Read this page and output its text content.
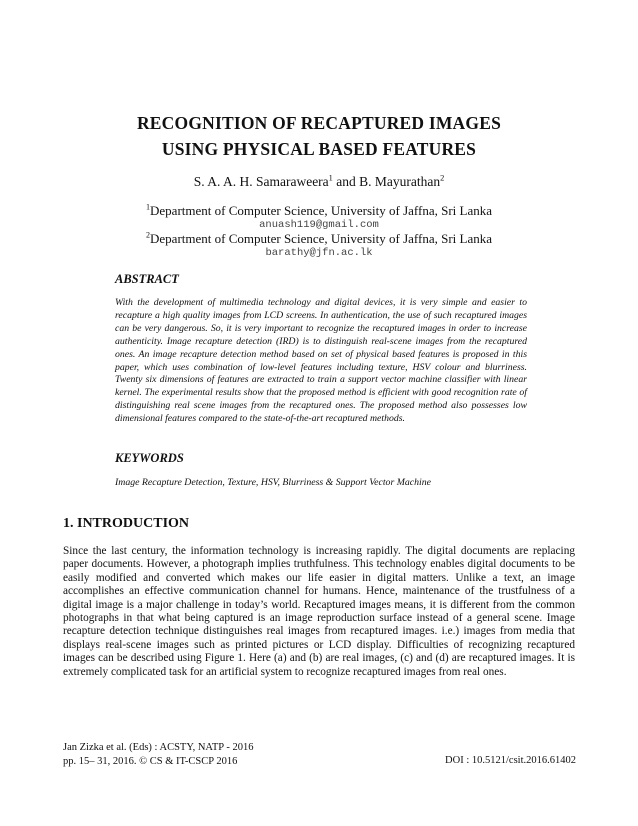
RECOGNITION OF RECAPTURED IMAGES
USING PHYSICAL BASED FEATURES
S. A. A. H. Samaraweera$^1$ and B. Mayurathan$^2$
$^1$Department of Computer Science, University of Jaffna, Sri Lanka
anuash119@gmail.com
$^2$Department of Computer Science, University of Jaffna, Sri Lanka
barathy@jfn.ac.lk
ABSTRACT
With the development of multimedia technology and digital devices, it is very simple and easier to recapture a high quality images from LCD screens. In authentication, the use of such recaptured images can be very dangerous. So, it is very important to recognize the recaptured images in order to increase authenticity. Image recapture detection (IRD) is to distinguish real-scene images from the recaptured ones. An image recapture detection method based on set of physical based features is proposed in this paper, which uses combination of low-level features including texture, HSV colour and blurriness. Twenty six dimensions of features are extracted to train a support vector machine classifier with linear kernel. The experimental results show that the proposed method is efficient with good recognition rate of distinguishing real scene images from the recaptured ones. The proposed method also possesses low dimensional features compared to the state-of-the-art recaptured methods.
KEYWORDS
Image Recapture Detection, Texture, HSV, Blurriness & Support Vector Machine
1. INTRODUCTION
Since the last century, the information technology is increasing rapidly. The digital documents are replacing paper documents. However, a photograph implies truthfulness. This technology enables digital documents to be easily modified and converted which makes our life easier in digital matters. Unlike a text, an image accomplishes an effective communication channel for humans. Hence, maintenance of the trustfulness of a digital image is a major challenge in today’s world. Recaptured images means, it is different from the common photographs in that what being captured is an image reproduction surface instead of a general scene. Image recapture detection technique distinguishes real images from recaptured images. i.e.) images from media that displays real-scene images such as printed pictures or LCD display. Difficulties of recognizing recaptured images can be described using Figure 1. Here (a) and (b) are real images, (c) and (d) are recaptured images. It is extremely complicated task for an artificial system to recognize recaptured images from real ones.
Jan Zizka et al. (Eds) : ACSTY, NATP - 2016
pp. 15– 31, 2016. © CS & IT-CSCP 2016	DOI : 10.5121/csit.2016.61402
